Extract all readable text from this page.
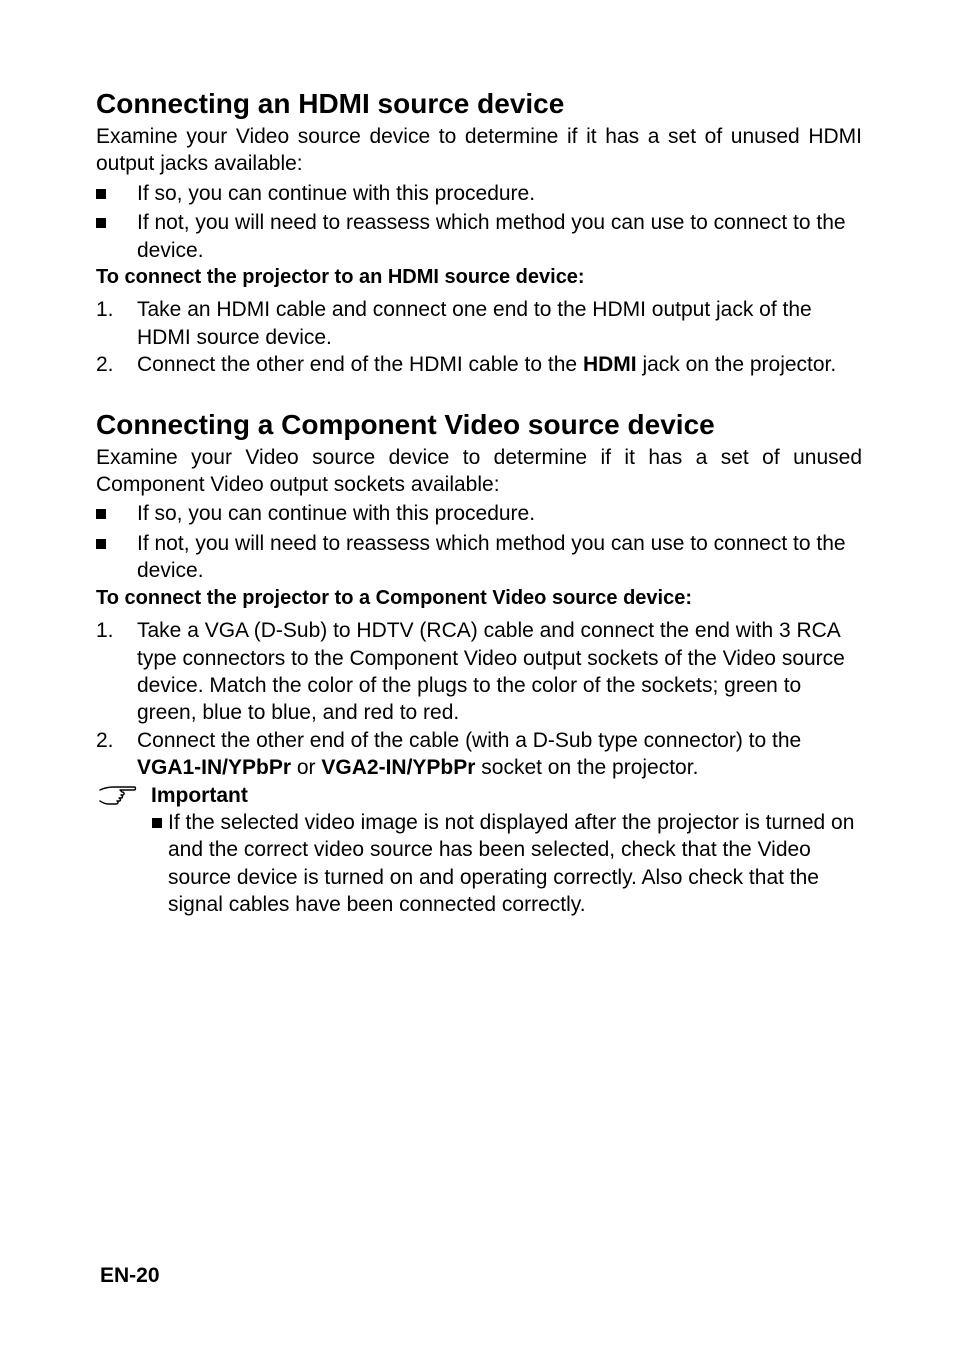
Connecting an HDMI source device

Examine your Video source device to determine if it has a set of unused HDMI output jacks available:

If so, you can continue with this procedure.
If not, you will need to reassess which method you can use to connect to the device.

To connect the projector to an HDMI source device:

1. Take an HDMI cable and connect one end to the HDMI output jack of the HDMI source device.
2. Connect the other end of the HDMI cable to the HDMI jack on the projector.
Connecting a Component Video source device

Examine your Video source device to determine if it has a set of unused Component Video output sockets available:

If so, you can continue with this procedure.
If not, you will need to reassess which method you can use to connect to the device.

To connect the projector to a Component Video source device:

1. Take a VGA (D-Sub) to HDTV (RCA) cable and connect the end with 3 RCA type connectors to the Component Video output sockets of the Video source device. Match the color of the plugs to the color of the sockets; green to green, blue to blue, and red to red.
2. Connect the other end of the cable (with a D-Sub type connector) to the VGA1-IN/YPbPr or VGA2-IN/YPbPr socket on the projector.
Important
If the selected video image is not displayed after the projector is turned on and the correct video source has been selected, check that the Video source device is turned on and operating correctly. Also check that the signal cables have been connected correctly.
EN-20
